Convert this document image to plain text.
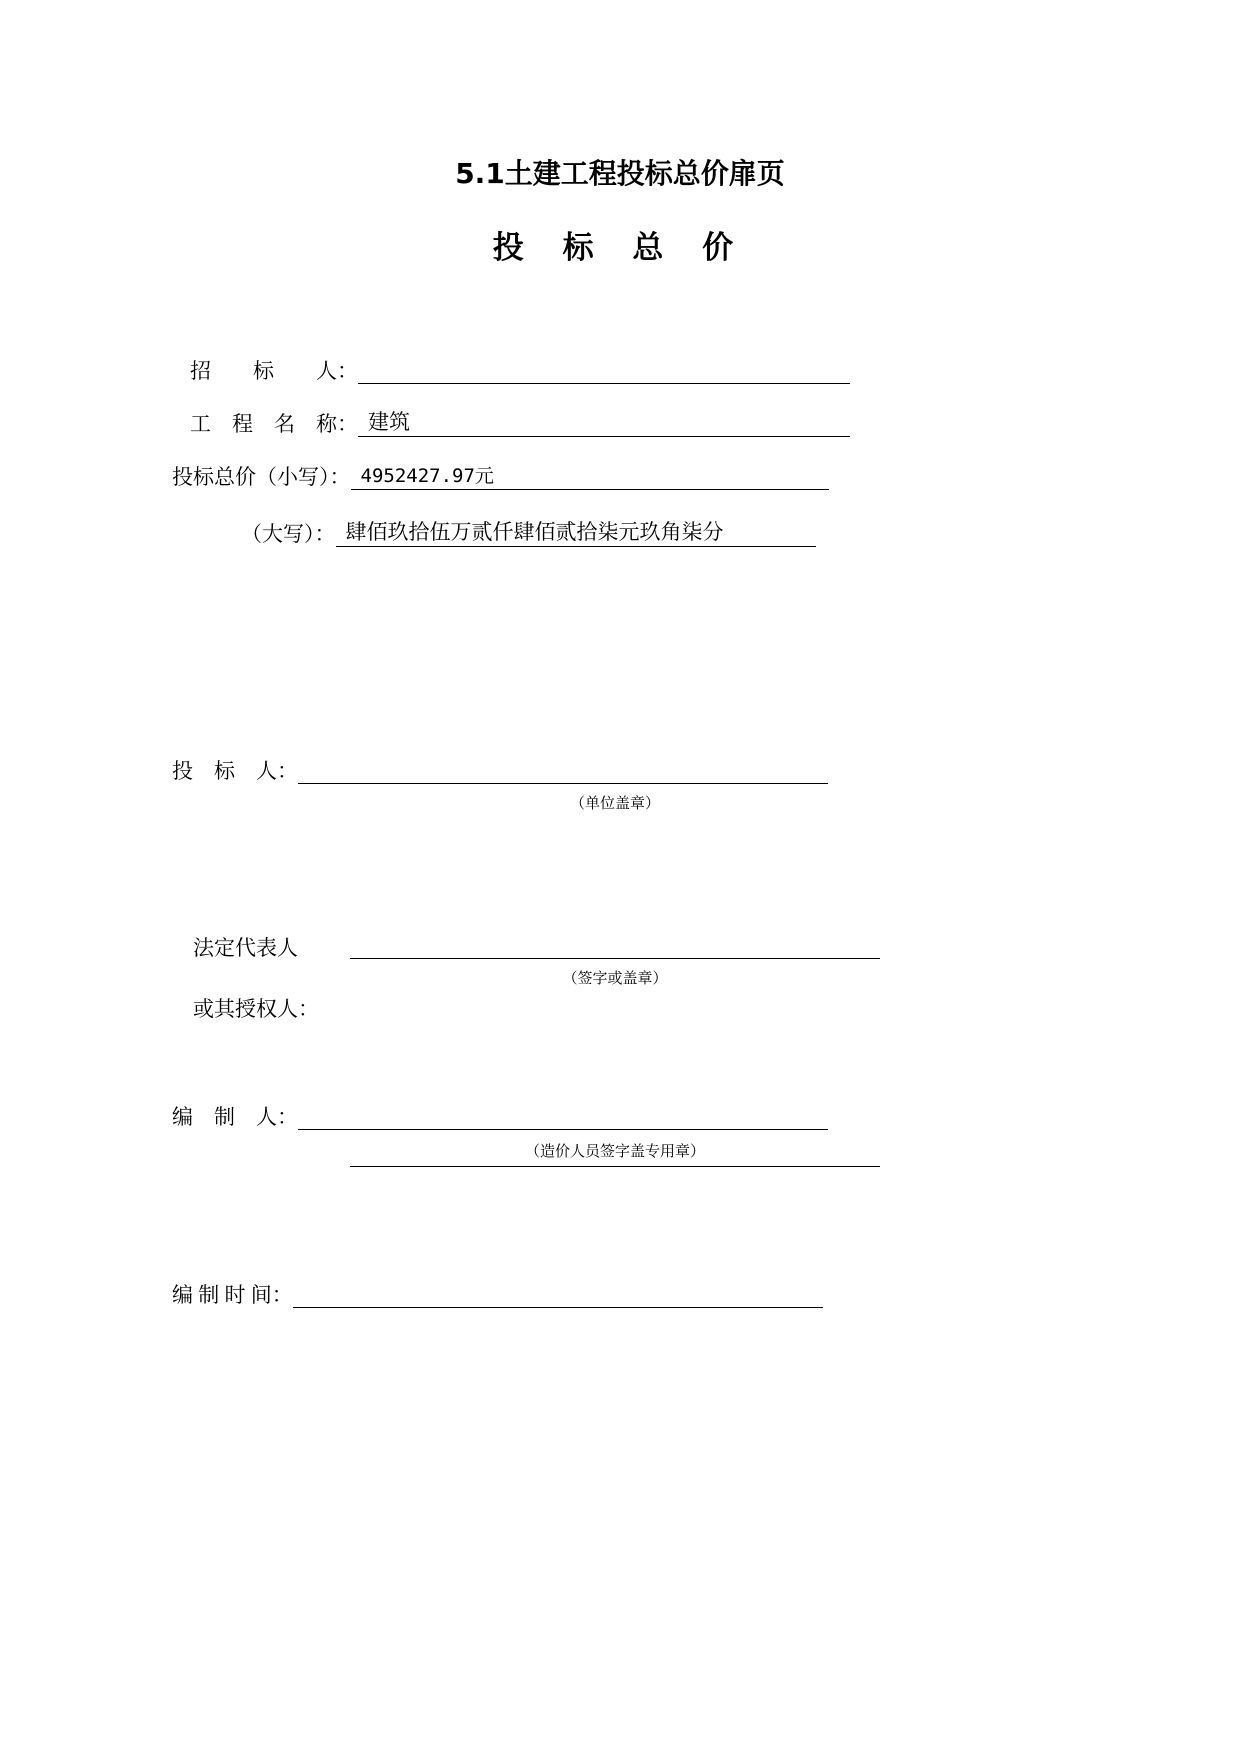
5.1土建工程投标总价扉页
投 标 总 价
招　　标　　人：
工　程　名　称： 建筑
投标总价（小写）： 4952427.97元
（大写）： 肆佰玖拾伍万贰仟肆佰贰拾柒元玖角柒分
投　标　人：
（单位盖章）

法定代表人

或其授权人：

（签字或盖章）
编　制　人：
（造价人员签字盖专用章）
编 制 时 间：
